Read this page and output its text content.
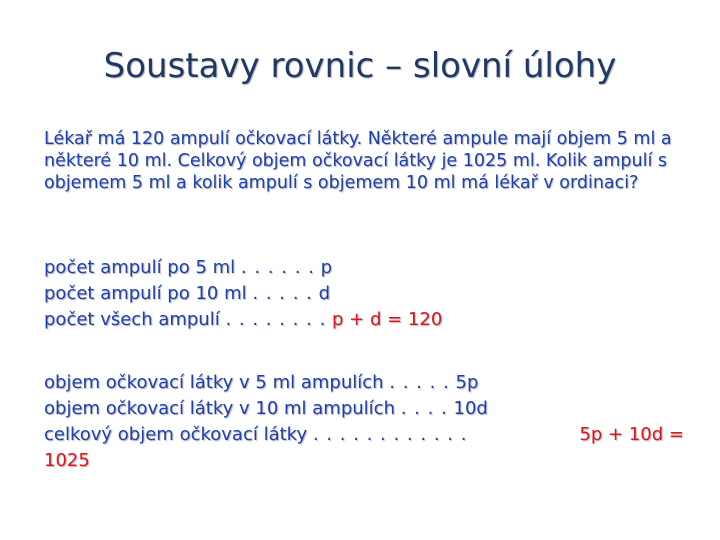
Soustavy rovnic – slovní úlohy

Lékař má 120 ampulí očkovací látky. Některé ampule mají objem 5 ml a některé 10 ml. Celkový objem očkovací látky je 1025 ml. Kolik ampulí s objemem 5 ml a kolik ampulí s objemem 10 ml má lékař v ordinaci?

počet ampulí po 5 ml . . . . . . p
počet ampulí po 10 ml . . . . . d
počet všech ampulí . . . . . . . . p + d = 120
objem očkovací látky v 5 ml ampulích . . . . . 5p
objem očkovací látky v 10 ml ampulích . . . . 10d
celkový objem očkovací látky . . . . . . . . . . . .	5p + 10d =
1025
